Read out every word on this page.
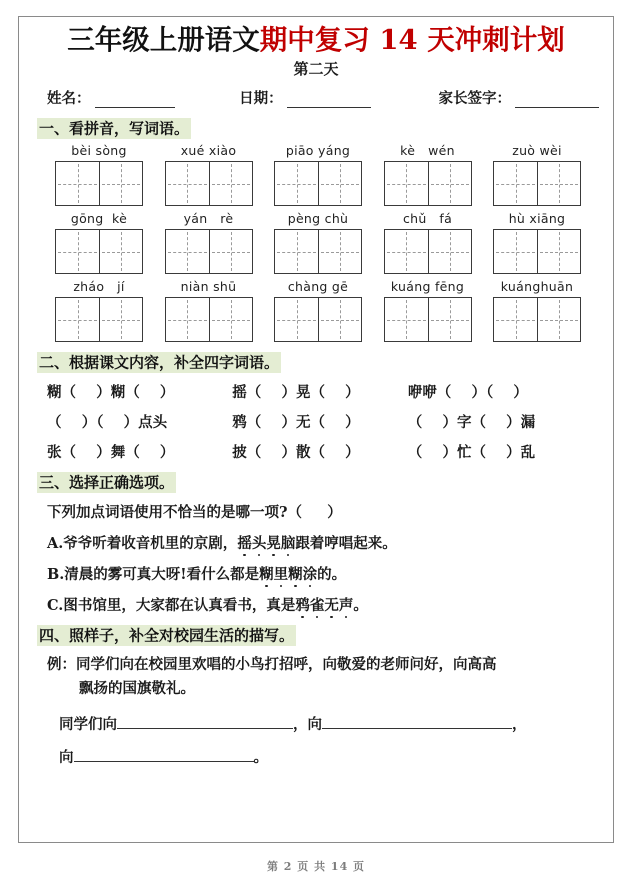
三年级上册语文期中复习 14 天冲刺计划
第二天
姓名：	日期：	家长签字：
一、看拼音，写词语。
bèi sòng	xué xiào	piāo yáng	kè   wén	zuò wèi
gōng  kè	yán   rè	pèng chù	chǔ   fá	hù xiāng
zháo   jí	niàn shū	chàng gē	kuáng fēng	kuánghuān
二、根据课文内容，补全四字词语。
糊（    ）糊（    ）	摇（    ）晃（    ）	咿咿（    ）（    ）
（    ）（    ）点头	鸦（    ）无（    ）	（    ）字（    ）漏
张（    ）舞（    ）	披（    ）散（    ）	（    ）忙（    ）乱
三、选择正确选项。
下列加点词语使用不恰当的是哪一项?（     ）
A.爷爷听着收音机里的京剧，摇头晃脑跟着哼唱起来。
B.清晨的雾可真大呀!看什么都是糊里糊涂的。
C.图书馆里，大家都在认真看书，真是鸦雀无声。
四、照样子，补全对校园生活的描写。
例：同学们向在校园里欢唱的小鸟打招呼，向敬爱的老师问好，向高高
飘扬的国旗敬礼。
同学们向	，向	，
向	。
第 2 页 共 14 页
